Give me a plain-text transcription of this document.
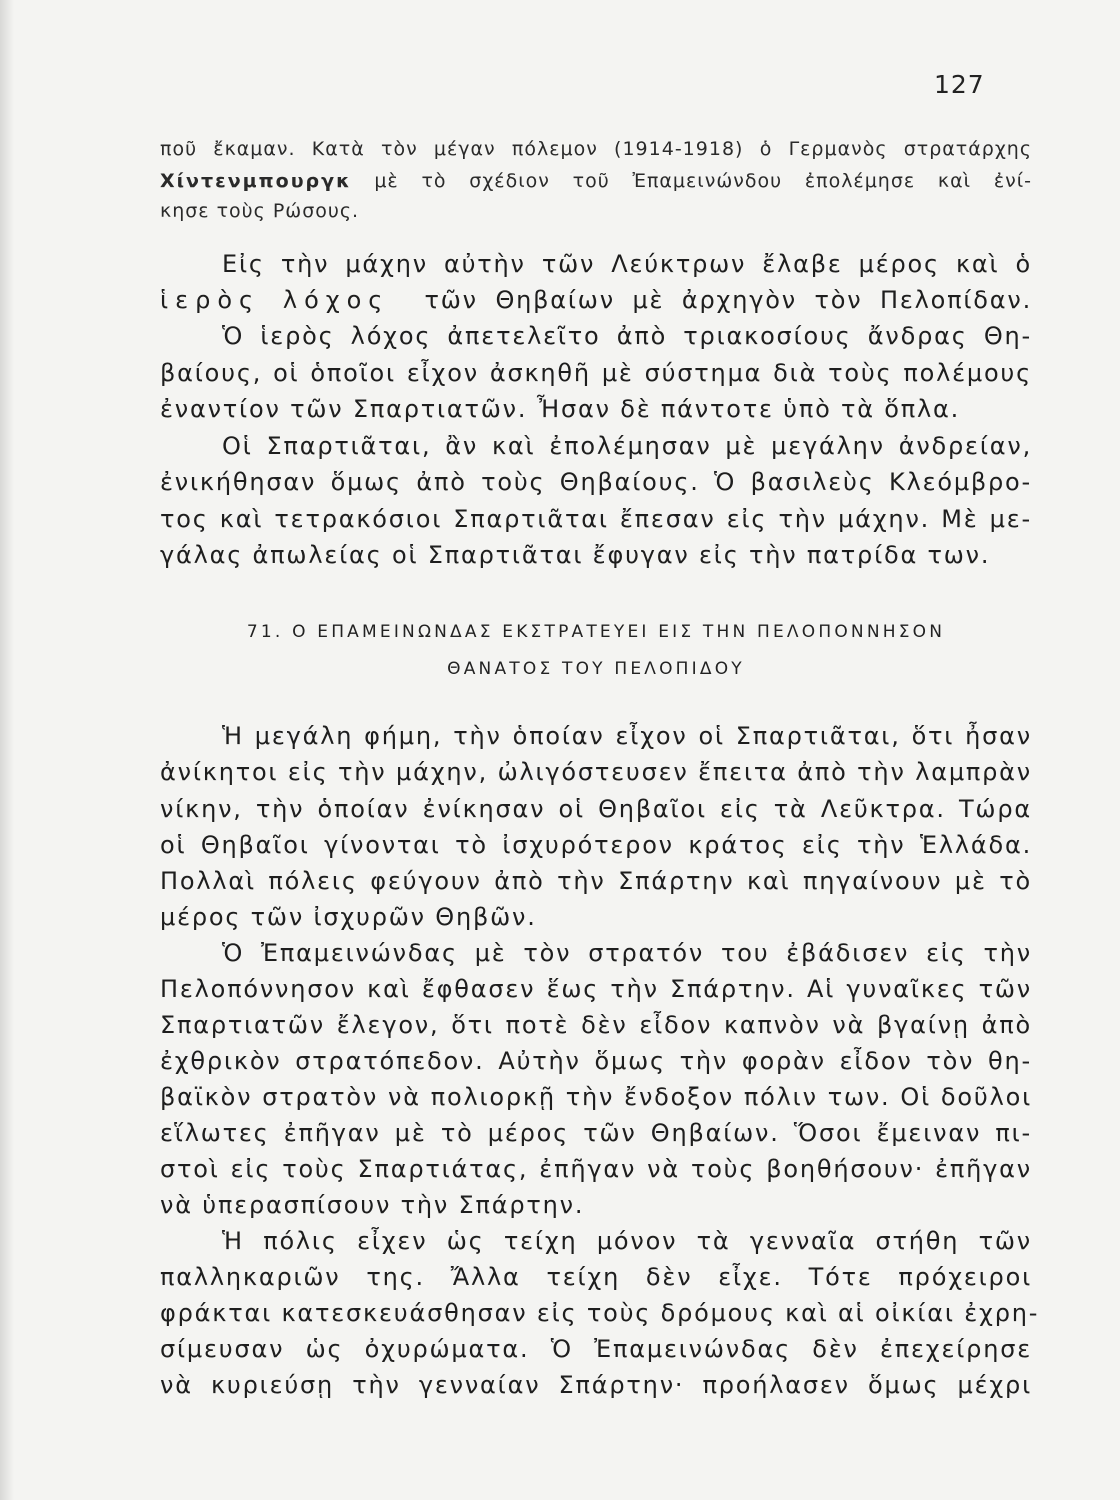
127
ποῦ ἔκαμαν. Κατὰ τὸν μέγαν πόλεμον (1914-1918) ὁ Γερμανὸς στρατάρχης
Χίντενμπουργκ μὲ τὸ σχέδιον τοῦ Ἐπαμεινώνδου ἐπολέμησε καὶ ἐνί-
κησε τοὺς Ρώσους.
Εἰς τὴν μάχην αὐτὴν τῶν Λεύκτρων ἔλαβε μέρος καὶ ὁ
ἱερὸς λόχος τῶν Θηβαίων μὲ ἀρχηγὸν τὸν Πελοπίδαν.
Ὁ ἱερὸς λόχος ἀπετελεῖτο ἀπὸ τριακοσίους ἄνδρας Θη-
βαίους, οἱ ὁποῖοι εἶχον ἀσκηθῆ μὲ σύστημα διὰ τοὺς πολέμους
ἐναντίον τῶν Σπαρτιατῶν. Ἦσαν δὲ πάντοτε ὑπὸ τὰ ὅπλα.
Οἱ Σπαρτιᾶται, ἂν καὶ ἐπολέμησαν μὲ μεγάλην ἀνδρείαν,
ἐνικήθησαν ὅμως ἀπὸ τοὺς Θηβαίους. Ὁ βασιλεὺς Κλεόμβρο-
τος καὶ τετρακόσιοι Σπαρτιᾶται ἔπεσαν εἰς τὴν μάχην. Μὲ με-
γάλας ἀπωλείας οἱ Σπαρτιᾶται ἔφυγαν εἰς τὴν πατρίδα των.
71. Ο ΕΠΑΜΕΙΝΩΝΔΑΣ ΕΚΣΤΡΑΤΕΥΕΙ ΕΙΣ ΤΗΝ ΠΕΛΟΠΟΝΝΗΣΟΝ
ΘΑΝΑΤΟΣ ΤΟΥ ΠΕΛΟΠΙΔΟΥ
Ἡ μεγάλη φήμη, τὴν ὁποίαν εἶχον οἱ Σπαρτιᾶται, ὅτι ἦσαν
ἀνίκητοι εἰς τὴν μάχην, ὠλιγόστευσεν ἔπειτα ἀπὸ τὴν λαμπρὰν
νίκην, τὴν ὁποίαν ἐνίκησαν οἱ Θηβαῖοι εἰς τὰ Λεῦκτρα. Τώρα
οἱ Θηβαῖοι γίνονται τὸ ἰσχυρότερον κράτος εἰς τὴν Ἑλλάδα.
Πολλαὶ πόλεις φεύγουν ἀπὸ τὴν Σπάρτην καὶ πηγαίνουν μὲ τὸ
μέρος τῶν ἰσχυρῶν Θηβῶν.
Ὁ Ἐπαμεινώνδας μὲ τὸν στρατόν του ἐβάδισεν εἰς τὴν
Πελοπόννησον καὶ ἔφθασεν ἕως τὴν Σπάρτην. Αἱ γυναῖκες τῶν
Σπαρτιατῶν ἔλεγον, ὅτι ποτὲ δὲν εἶδον καπνὸν νὰ βγαίνῃ ἀπὸ
ἐχθρικὸν στρατόπεδον. Αὐτὴν ὅμως τὴν φορὰν εἶδον τὸν θη-
βαϊκὸν στρατὸν νὰ πολιορκῇ τὴν ἔνδοξον πόλιν των. Οἱ δοῦλοι
εἵλωτες ἐπῆγαν μὲ τὸ μέρος τῶν Θηβαίων. Ὅσοι ἔμειναν πι-
στοὶ εἰς τοὺς Σπαρτιάτας, ἐπῆγαν νὰ τοὺς βοηθήσουν· ἐπῆγαν
νὰ ὑπερασπίσουν τὴν Σπάρτην.
Ἡ πόλις εἶχεν ὡς τείχη μόνον τὰ γενναῖα στήθη τῶν
παλληκαριῶν της. Ἄλλα τείχη δὲν εἶχε. Τότε πρόχειροι
φράκται κατεσκευάσθησαν εἰς τοὺς δρόμους καὶ αἱ οἰκίαι ἐχρη-
σίμευσαν ὡς ὀχυρώματα. Ὁ Ἐπαμεινώνδας δὲν ἐπεχείρησε
νὰ κυριεύσῃ τὴν γενναίαν Σπάρτην· προήλασεν ὅμως μέχρι
